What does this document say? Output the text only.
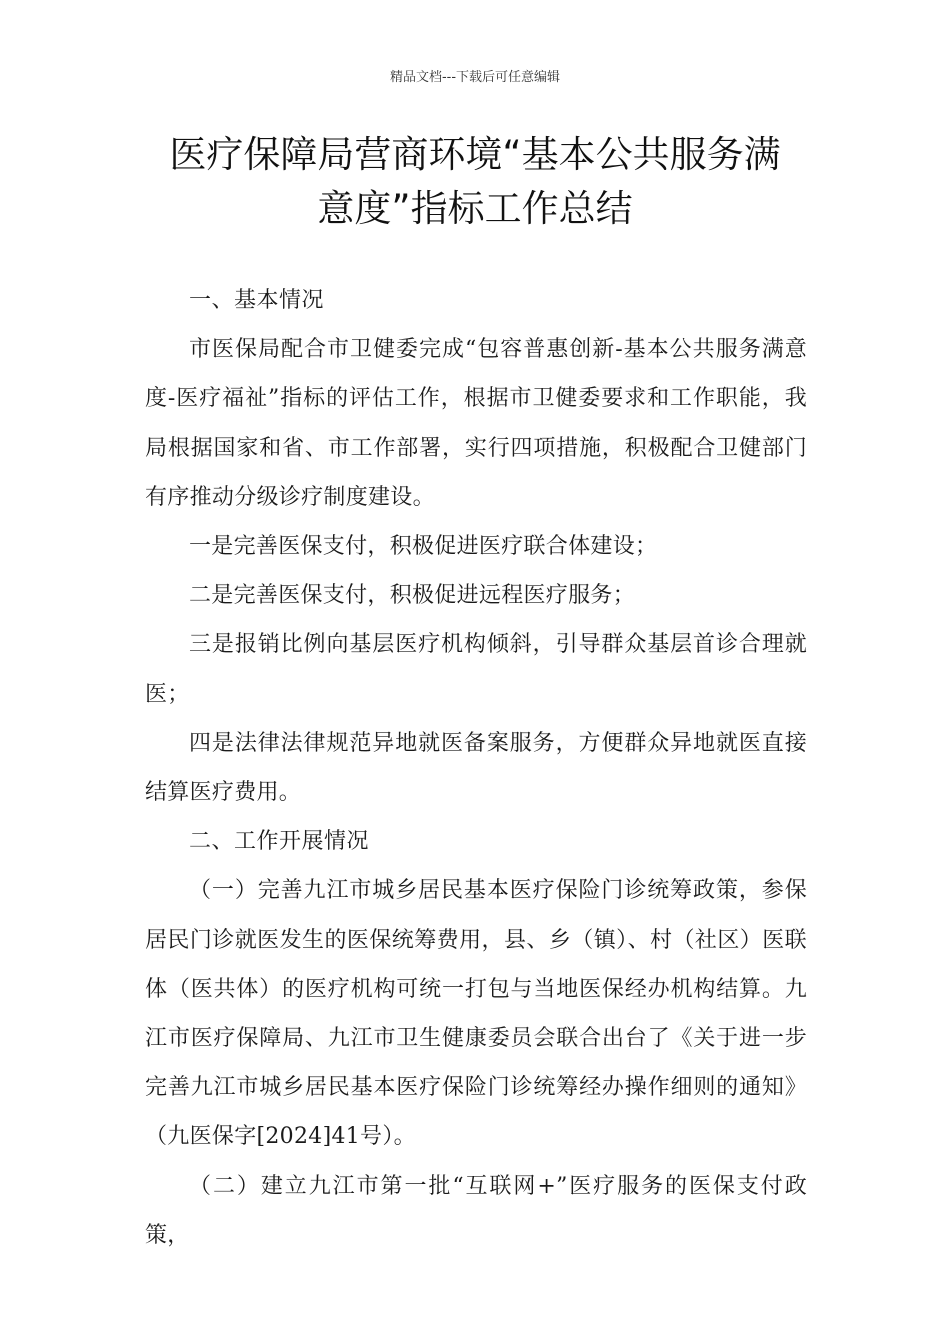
精品文档---下载后可任意编辑
医疗保障局营商环境“基本公共服务满
意度”指标工作总结

一、基本情况

市医保局配合市卫健委完成“包容普惠创新-基本公共服务满意度-医疗福祉”指标的评估工作，根据市卫健委要求和工作职能，我局根据国家和省、市工作部署，实行四项措施，积极配合卫健部门有序推动分级诊疗制度建设。

一是完善医保支付，积极促进医疗联合体建设；

二是完善医保支付，积极促进远程医疗服务；

三是报销比例向基层医疗机构倾斜，引导群众基层首诊合理就医；

四是法律法律规范异地就医备案服务，方便群众异地就医直接结算医疗费用。

二、工作开展情况

（一）完善九江市城乡居民基本医疗保险门诊统筹政策，参保居民门诊就医发生的医保统筹费用，县、乡（镇）、村（社区）医联体（医共体）的医疗机构可统一打包与当地医保经办机构结算。九江市医疗保障局、九江市卫生健康委员会联合出台了《关于进一步完善九江市城乡居民基本医疗保险门诊统筹经办操作细则的通知》（九医保字[2024]41号）。

（二）建立九江市第一批“互联网+”医疗服务的医保支付政策，
